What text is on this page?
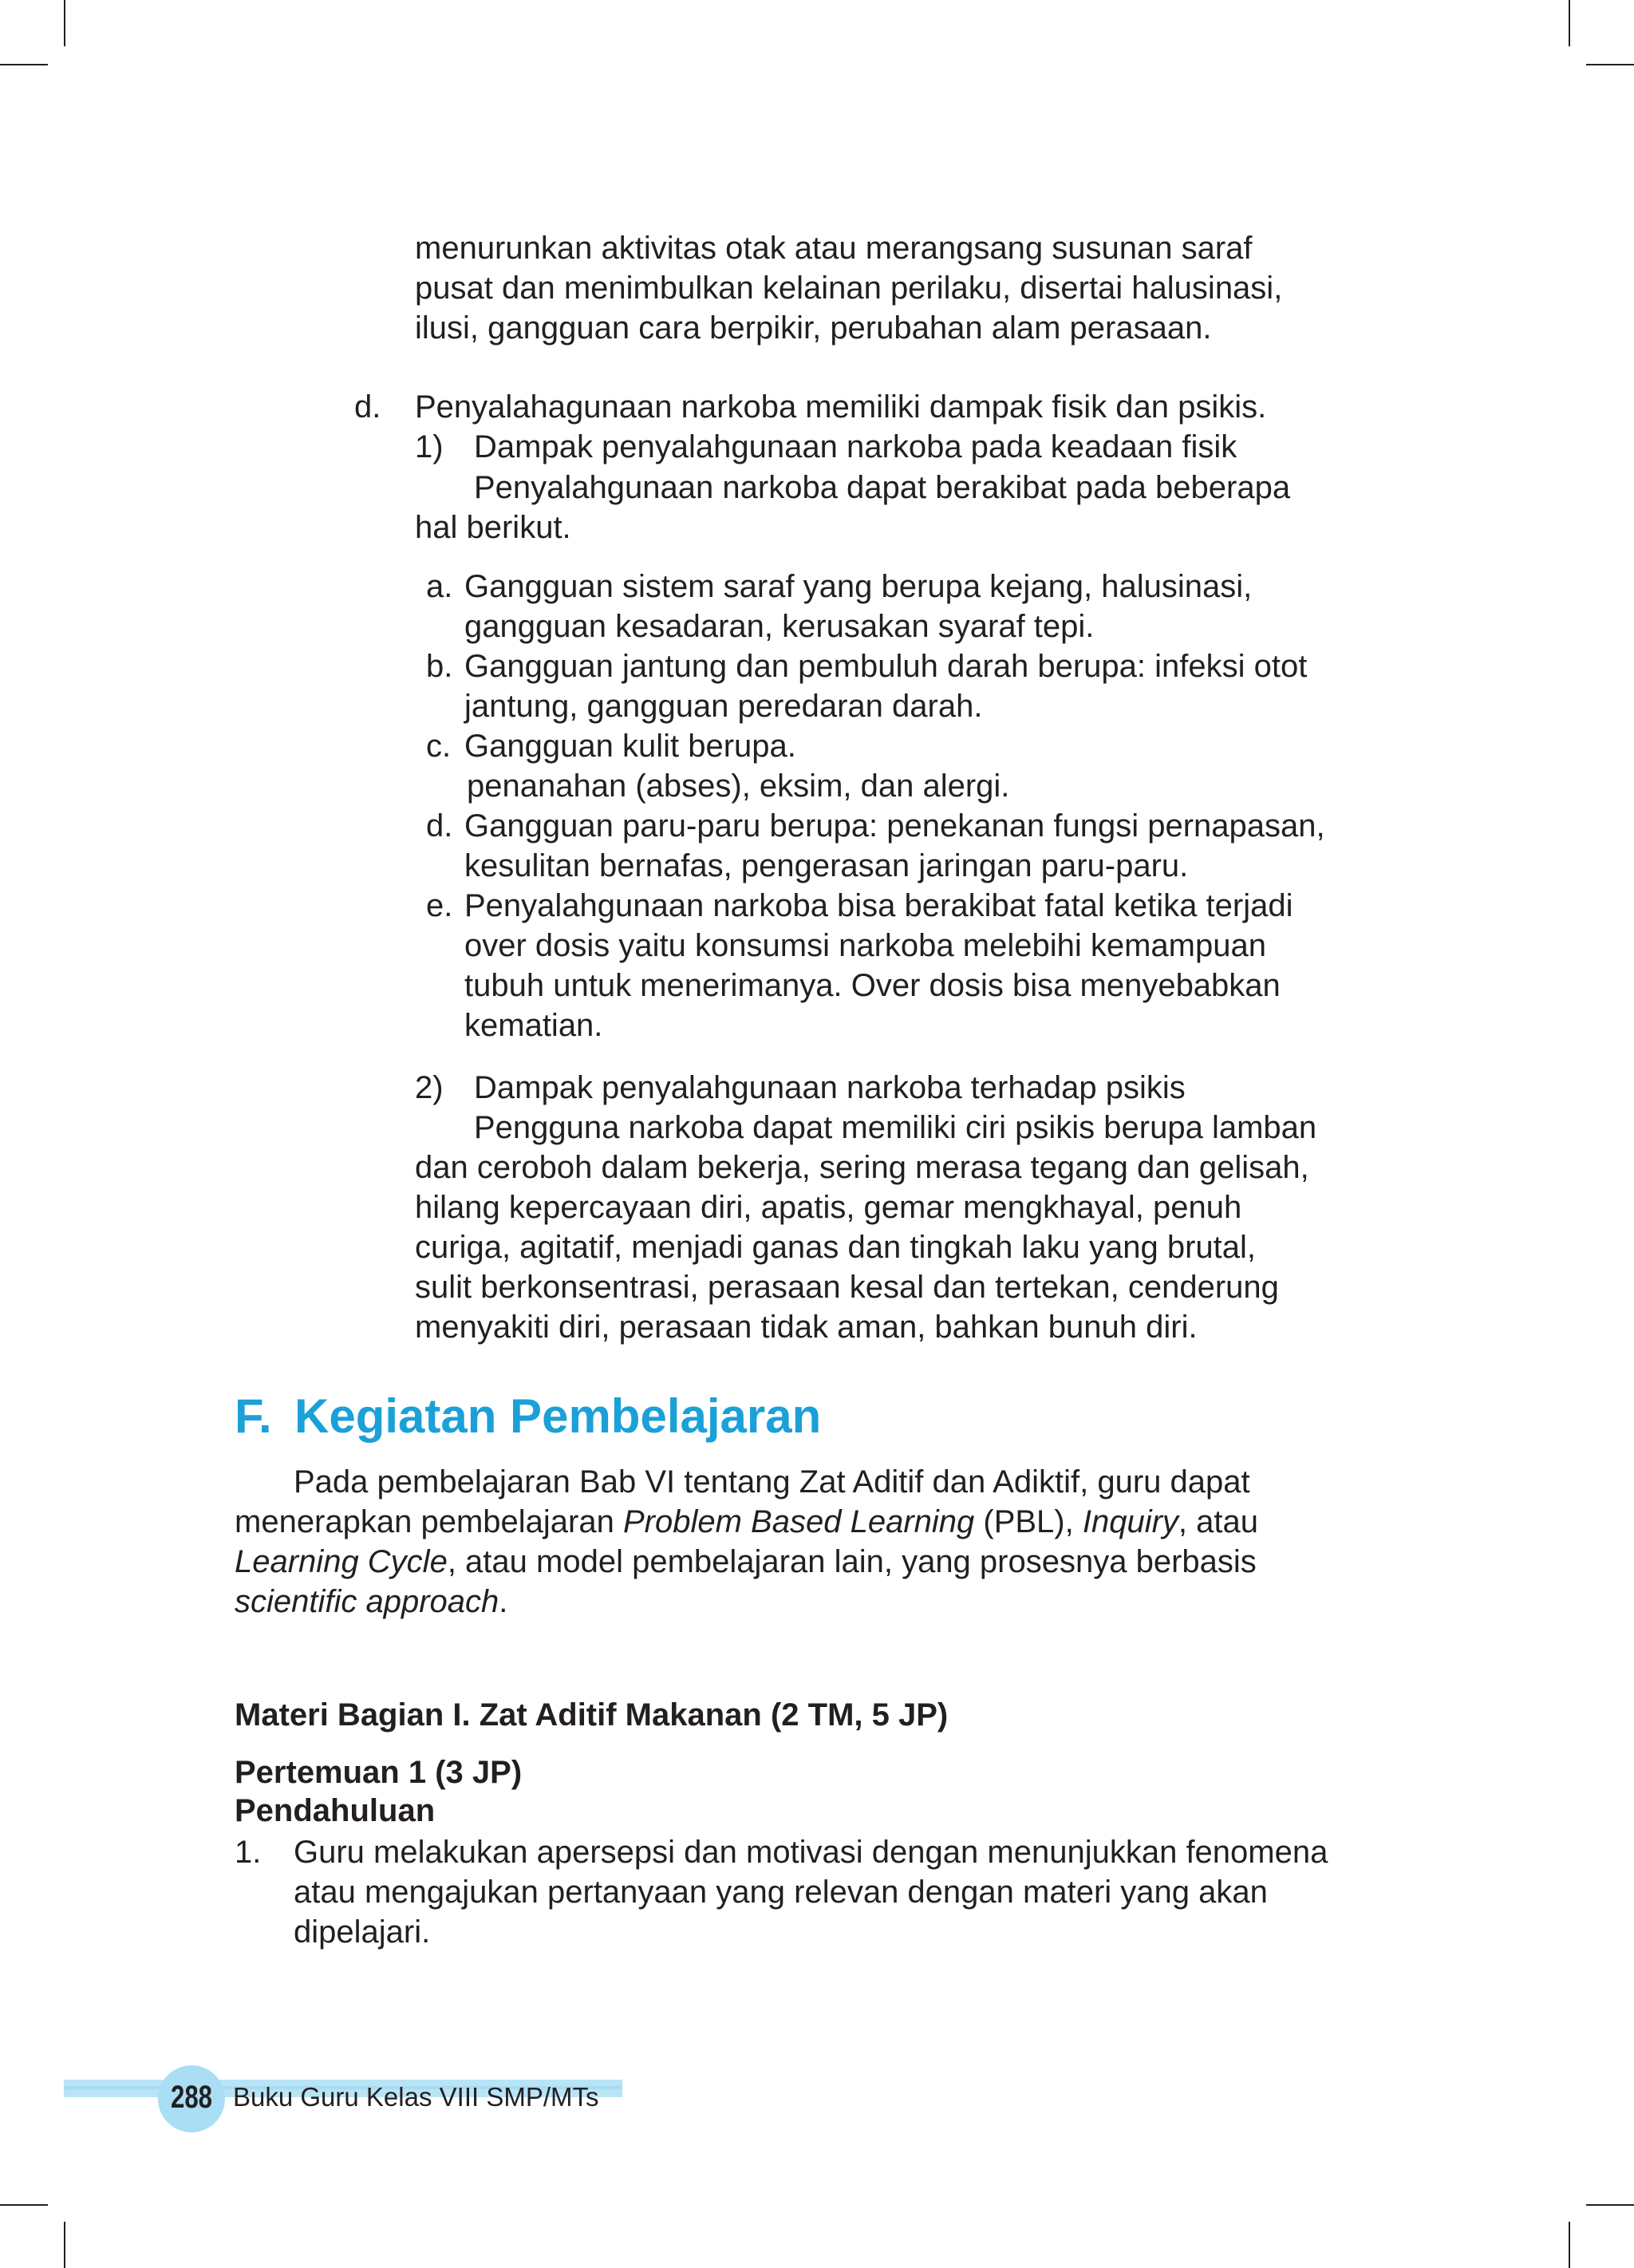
menurunkan aktivitas otak atau merangsang susunan saraf

pusat dan menimbulkan kelainan perilaku, disertai halusinasi,

ilusi, gangguan cara berpikir, perubahan alam perasaan.

d. Penyalahagunaan narkoba memiliki dampak fisik dan psikis.
1) Dampak penyalahgunaan narkoba pada keadaan fisik

Penyalahgunaan narkoba dapat berakibat pada beberapa

hal berikut.

a. Gangguan sistem saraf yang berupa kejang, halusinasi,

gangguan kesadaran, kerusakan syaraf tepi.

b. Gangguan jantung dan pembuluh darah berupa: infeksi otot

jantung, gangguan peredaran darah.

c. Gangguan kulit berupa.

penanahan (abses), eksim, dan alergi.

d. Gangguan paru-paru berupa: penekanan fungsi pernapasan,

kesulitan bernafas, pengerasan jaringan paru-paru.

e. Penyalahgunaan narkoba bisa berakibat fatal ketika terjadi

over dosis yaitu konsumsi narkoba melebihi kemampuan

tubuh untuk menerimanya. Over dosis bisa menyebabkan

kematian.

2) Dampak penyalahgunaan narkoba terhadap psikis

Pengguna narkoba dapat memiliki ciri psikis berupa lamban

dan ceroboh dalam bekerja, sering merasa tegang dan gelisah,

hilang kepercayaan diri, apatis, gemar mengkhayal, penuh

curiga, agitatif, menjadi ganas dan tingkah laku yang brutal,

sulit berkonsentrasi, perasaan kesal dan tertekan, cenderung

menyakiti diri, perasaan tidak aman, bahkan bunuh diri.

F. Kegiatan Pembelajaran

Pada pembelajaran Bab VI tentang Zat Aditif dan Adiktif, guru dapat

menerapkan pembelajaran Problem Based Learning (PBL), Inquiry, atau

Learning Cycle, atau model pembelajaran lain, yang prosesnya berbasis

scientific approach.

Materi Bagian I. Zat Aditif Makanan (2 TM, 5 JP)
Pertemuan 1 (3 JP)
Pendahuluan
1. Guru melakukan apersepsi dan motivasi dengan menunjukkan fenomena

atau mengajukan pertanyaan yang relevan dengan materi yang akan

dipelajari.

288 Buku Guru Kelas VIII SMP/MTs
